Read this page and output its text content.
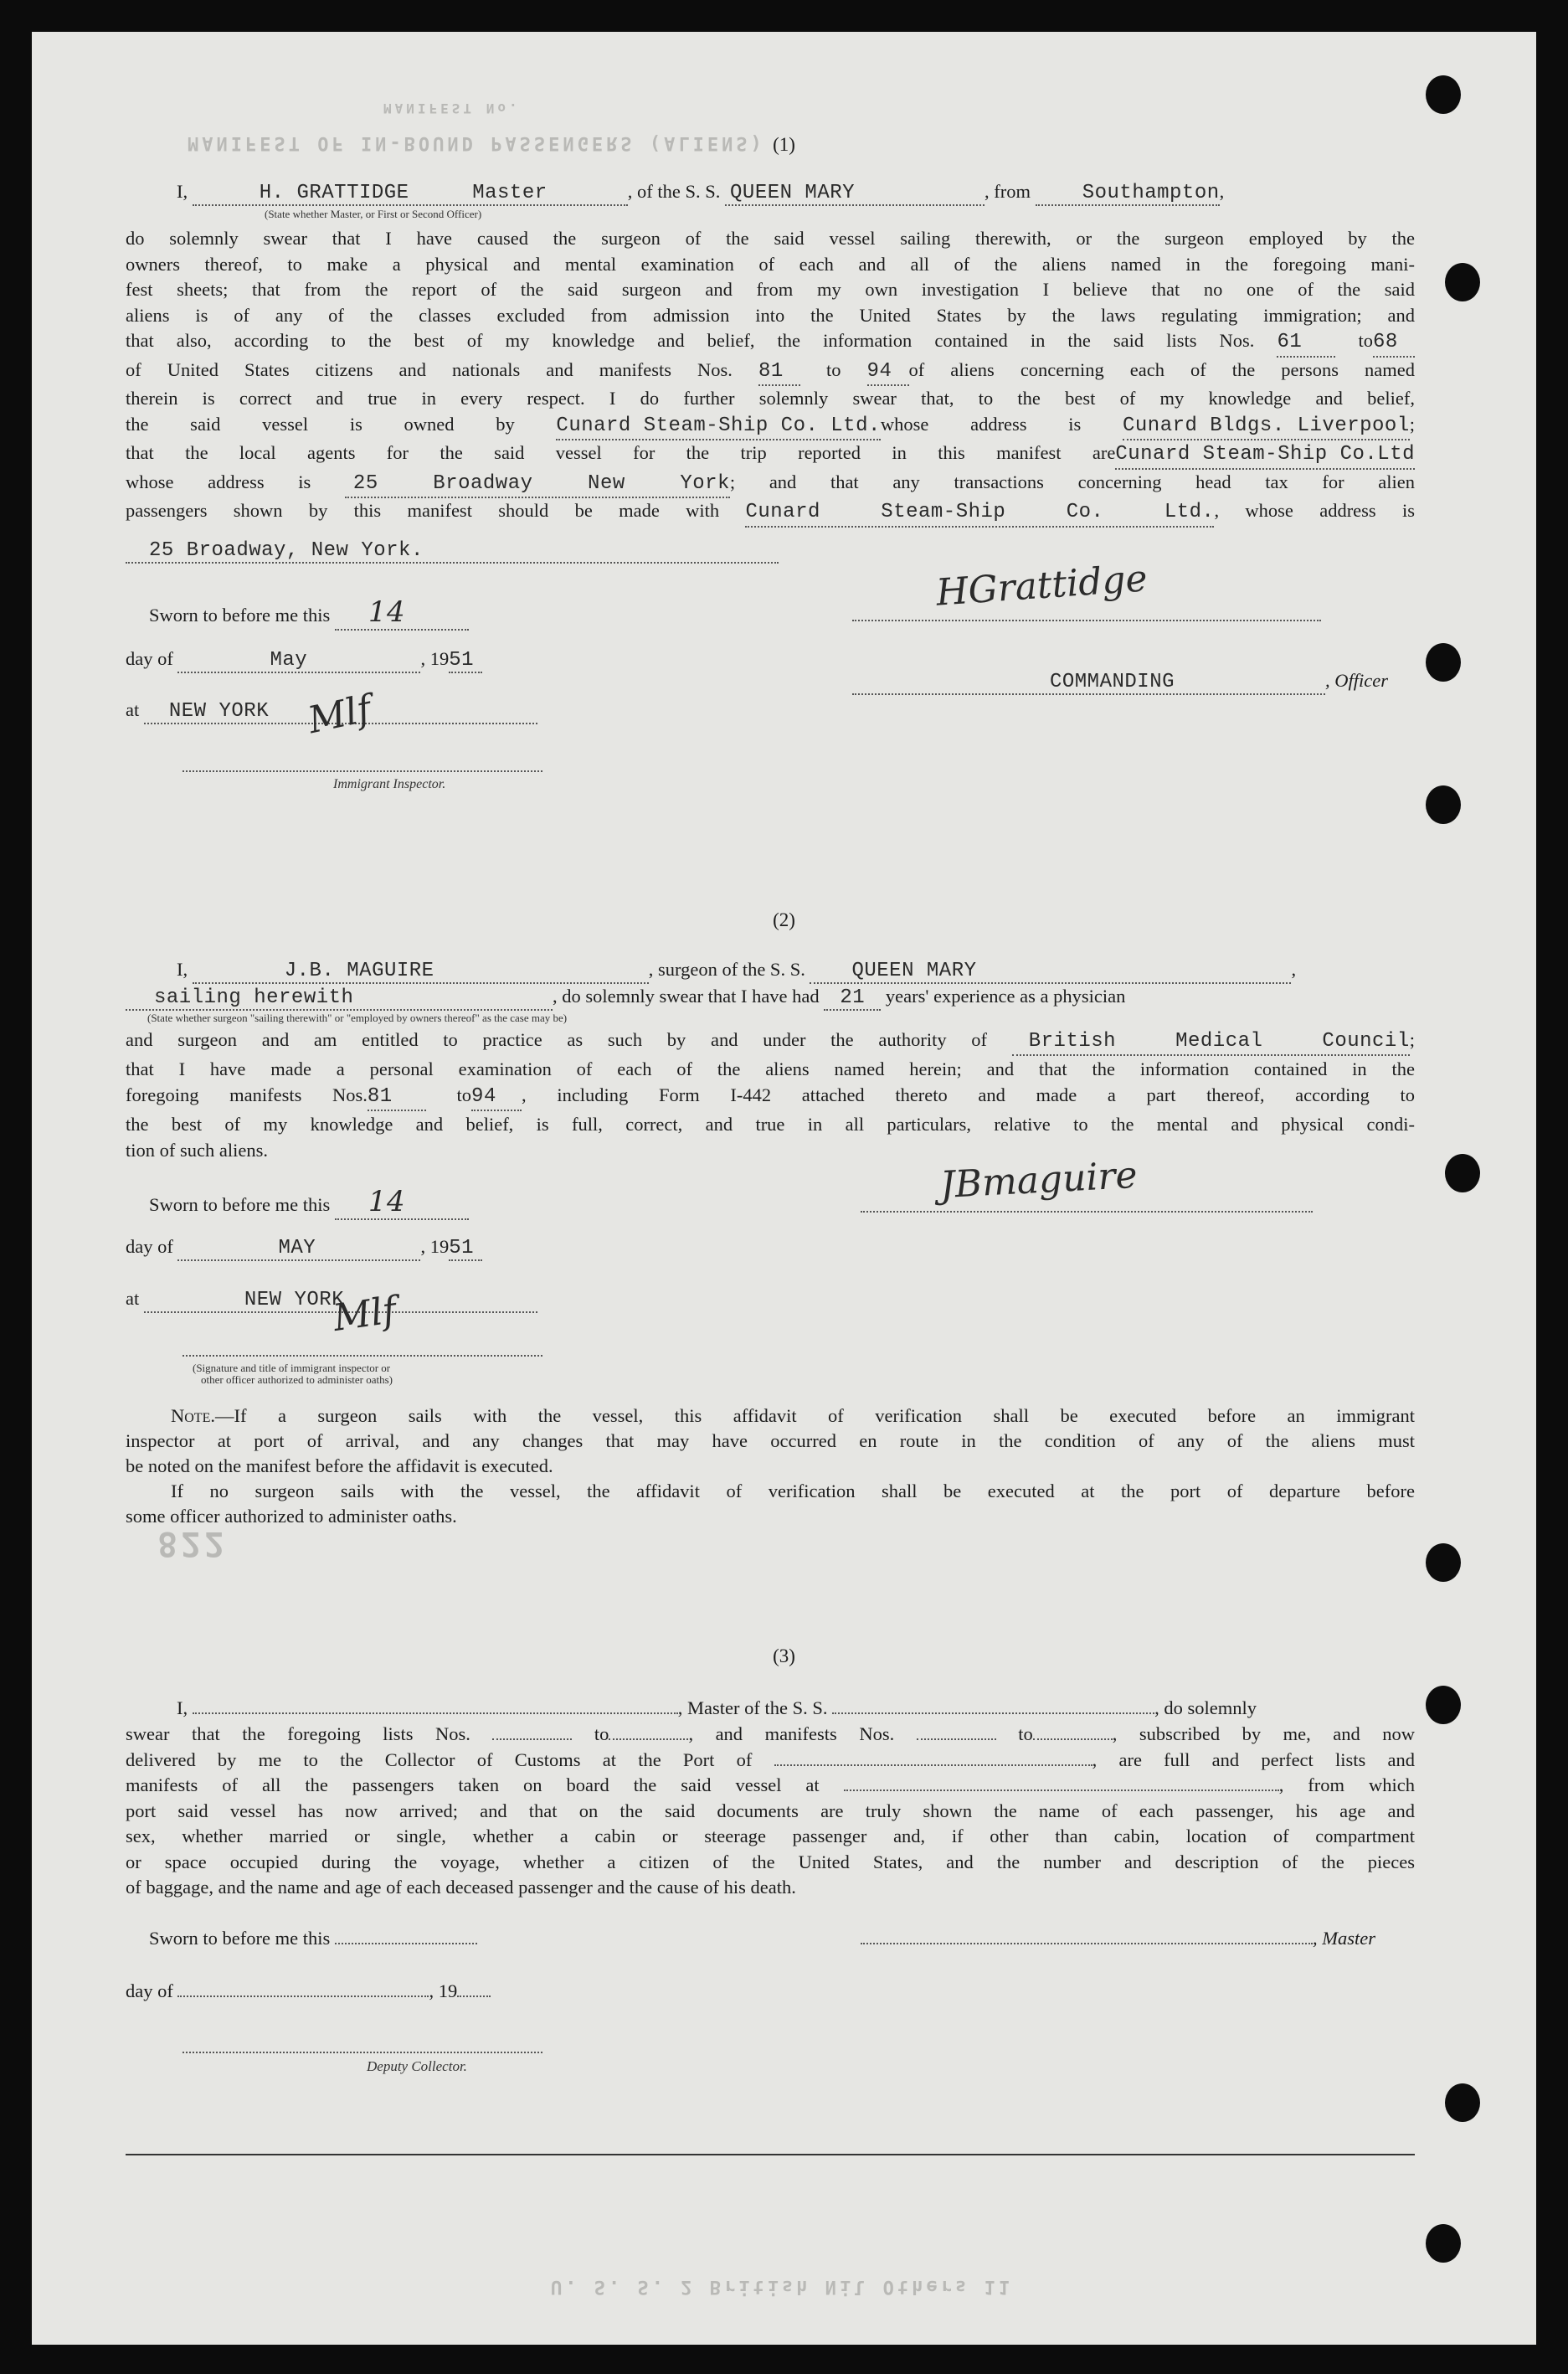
MANIFEST OF IN-BOUND PASSENGERS (ALIENS)
MANIFEST No.
822
U. S. S. 2 British Nil Others 11
(1)
I,	H. GRATTIDGE	Master	, of the S. S. QUEEN MARY	, from	Southampton,
(State whether Master, or First or Second Officer)
do solemnly swear that I have caused the surgeon of the said vessel sailing therewith, or the surgeon employed by the
owners thereof, to make a physical and mental examination of each and all of the aliens named in the foregoing mani-
fest sheets; that from the report of the said surgeon and from my own investigation I believe that no one of the said
aliens is of any of the classes excluded from admission into the United States by the laws regulating immigration; and
that also, according to the best of my knowledge and belief, the information contained in the said lists Nos. 61	to68
of United States citizens and nationals and manifests Nos. 81 to 94 of aliens concerning each of the persons named
therein is correct and true in every respect. I do further solemnly swear that, to the best of my knowledge and belief,
the said vessel is owned by Cunard Steam-Ship Co. Ltd.whose address is Cunard Bldgs. Liverpool;
that the local agents for the said vessel for the trip reported in this manifest areCunard Steam-Ship Co.Ltd
whose address is 25 Broadway New York; and that any transactions concerning head tax for alien
passengers shown by this manifest should be made with Cunard Steam-Ship Co. Ltd., whose address is
25 Broadway, New York.
Sworn to before me this 14
day of	May	, 1951
at NEW YORK
Immigrant Inspector.
Mlf
HGrattidge
COMMANDING	, Officer
(2)
I,	J.B. MAGUIRE	, surgeon of the S. S. QUEEN MARY	,
sailing herewith	, do solemnly swear that I have had 21 years' experience as a physician
(State whether surgeon "sailing therewith" or "employed by owners thereof" as the case may be)
and surgeon and am entitled to practice as such by and under the authority of British Medical Council;
that I have made a personal examination of each of the aliens named herein; and that the information contained in the
foregoing manifests Nos.81	to94 , including Form I-442 attached thereto and made a part thereof, according to
the best of my knowledge and belief, is full, correct, and true in all particulars, relative to the mental and physical condi-
tion of such aliens.
Sworn to before me this 14
day of	MAY	, 1951
at	NEW YORK
(Signature and title of immigrant inspector or
other officer authorized to administer oaths)
Mlf
JBmaguire
Note.—If a surgeon sails with the vessel, this affidavit of verification shall be executed before an immigrant
inspector at port of arrival, and any changes that may have occurred en route in the condition of any of the aliens must
be noted on the manifest before the affidavit is executed.
If no surgeon sails with the vessel, the affidavit of verification shall be executed at the port of departure before
some officer authorized to administer oaths.
(3)
I,	, Master of the S. S.	, do solemnly
swear that the foregoing lists Nos.	to	, and manifests Nos.	to	, subscribed by me, and now
delivered by me to the Collector of Customs at the Port of	, are full and perfect lists and
manifests of all the passengers taken on board the said vessel at	, from which
port said vessel has now arrived; and that on the said documents are truly shown the name of each passenger, his age and
sex, whether married or single, whether a cabin or steerage passenger and, if other than cabin, location of compartment
or space occupied during the voyage, whether a citizen of the United States, and the number and description of the pieces
of baggage, and the name and age of each deceased passenger and the cause of his death.
Sworn to before me this	, Master
day of	, 19
Deputy Collector.
